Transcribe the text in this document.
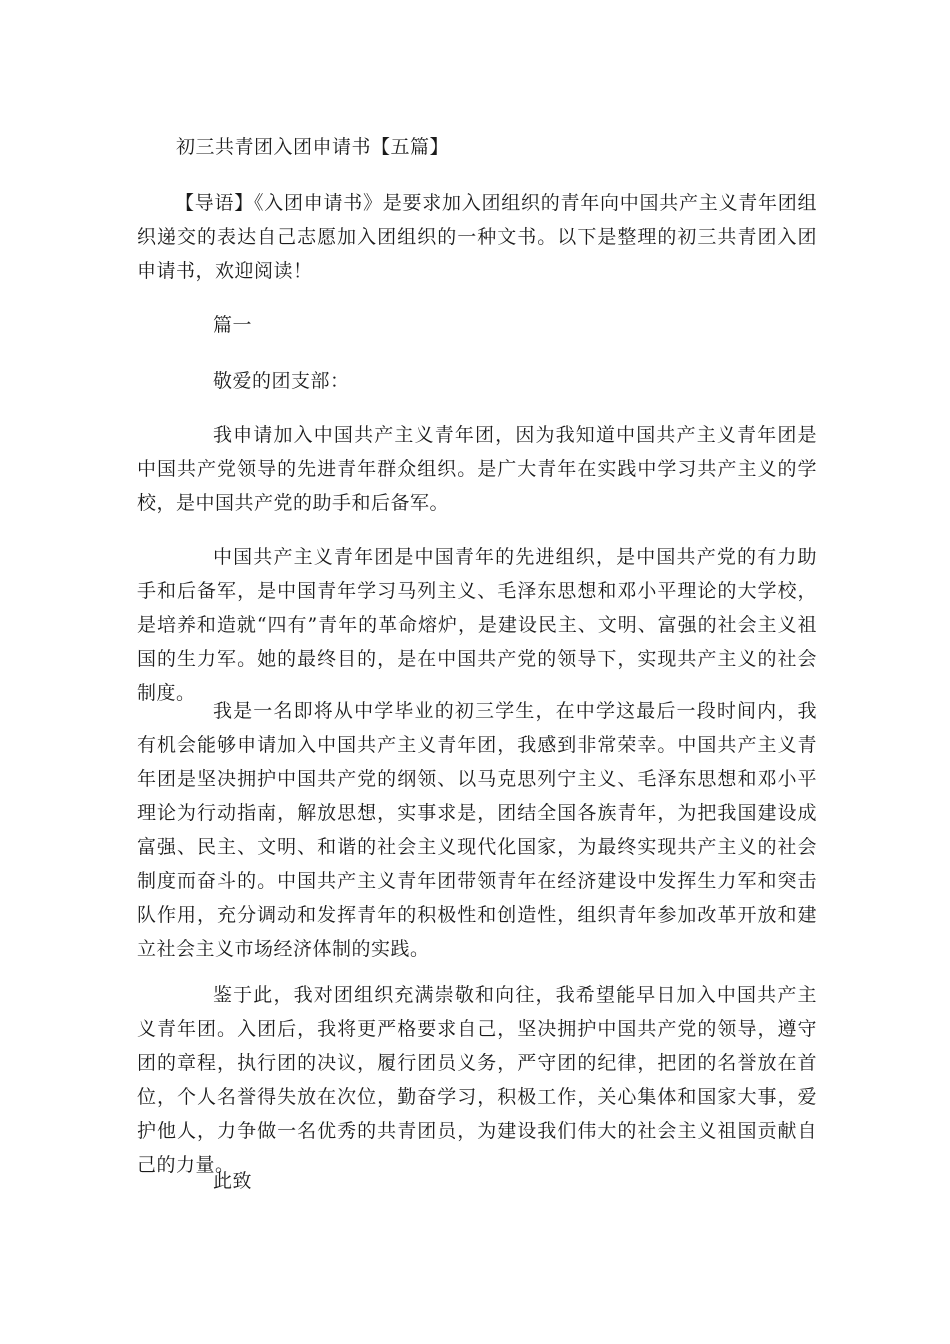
初三共青团入团申请书【五篇】
【导语】《入团申请书》是要求加入团组织的青年向中国共产主义青年团组织递交的表达自己志愿加入团组织的一种文书。以下是整理的初三共青团入团申请书，欢迎阅读！
篇一
敬爱的团支部：
我申请加入中国共产主义青年团，因为我知道中国共产主义青年团是中国共产党领导的先进青年群众组织。是广大青年在实践中学习共产主义的学校，是中国共产党的助手和后备军。
中国共产主义青年团是中国青年的先进组织，是中国共产党的有力助手和后备军，是中国青年学习马列主义、毛泽东思想和邓小平理论的大学校，是培养和造就“四有”青年的革命熔炉，是建设民主、文明、富强的社会主义祖国的生力军。她的最终目的，是在中国共产党的领导下，实现共产主义的社会制度。
我是一名即将从中学毕业的初三学生，在中学这最后一段时间内，我有机会能够申请加入中国共产主义青年团，我感到非常荣幸。中国共产主义青年团是坚决拥护中国共产党的纲领、以马克思列宁主义、毛泽东思想和邓小平理论为行动指南，解放思想，实事求是，团结全国各族青年，为把我国建设成富强、民主、文明、和谐的社会主义现代化国家，为最终实现共产主义的社会制度而奋斗的。中国共产主义青年团带领青年在经济建设中发挥生力军和突击队作用，充分调动和发挥青年的积极性和创造性，组织青年参加改革开放和建立社会主义市场经济体制的实践。
鉴于此，我对团组织充满崇敬和向往，我希望能早日加入中国共产主义青年团。入团后，我将更严格要求自己，坚决拥护中国共产党的领导，遵守团的章程，执行团的决议，履行团员义务，严守团的纪律，把团的名誉放在首位，个人名誉得失放在次位，勤奋学习，积极工作，关心集体和国家大事，爱护他人，力争做一名优秀的共青团员，为建设我们伟大的社会主义祖国贡献自己的力量。
此致
